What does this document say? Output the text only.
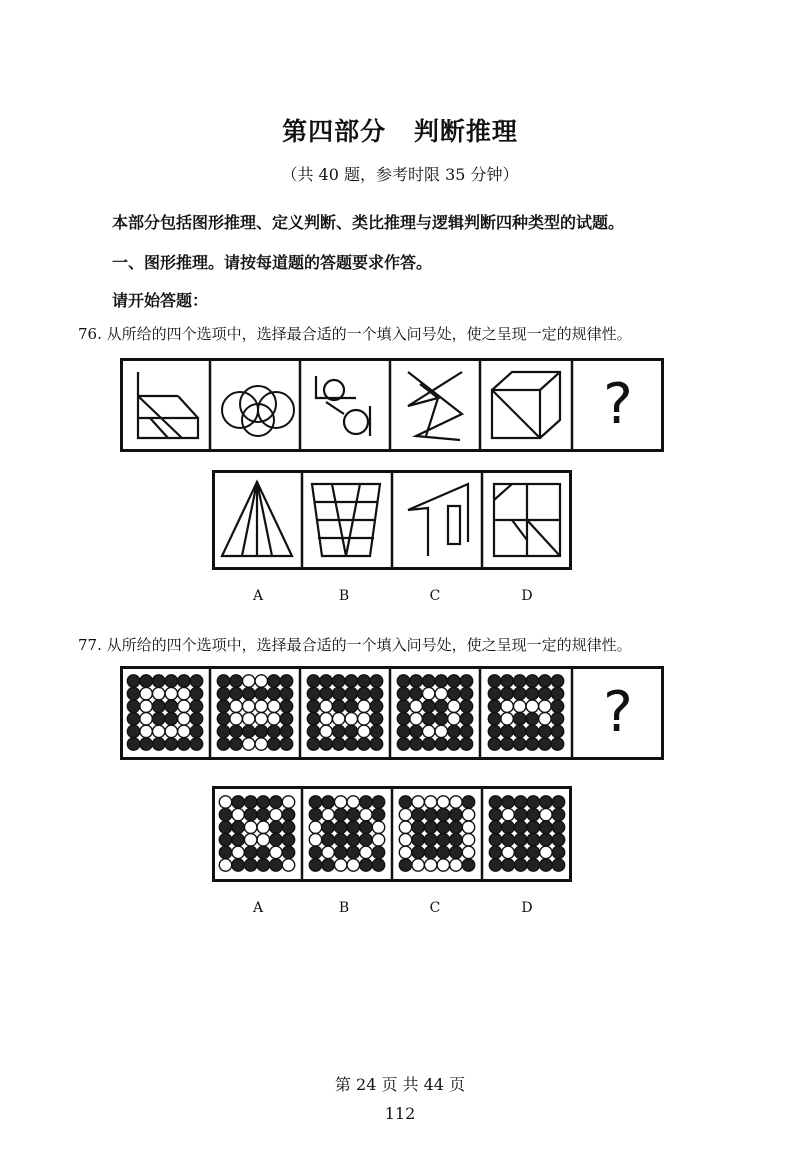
第四部分 判断推理
（共 40 题，参考时限 35 分钟）
本部分包括图形推理、定义判断、类比推理与逻辑判断四种类型的试题。
一、图形推理。请按每道题的答题要求作答。
请开始答题：
76. 从所给的四个选项中，选择最合适的一个填入问号处，使之呈现一定的规律性。
?
A	B	C	D
77. 从所给的四个选项中，选择最合适的一个填入问号处，使之呈现一定的规律性。
?
A	B	C	D
第 24 页 共 44 页
112
